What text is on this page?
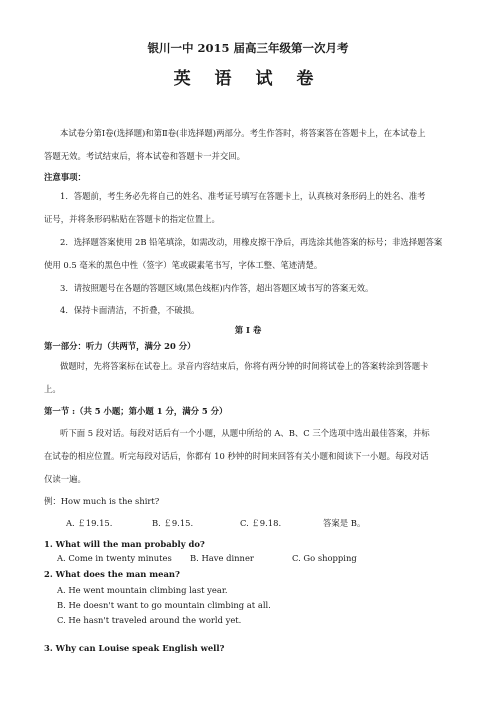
银川一中 2015 届高三年级第一次月考
英 语 试 卷
本试卷分第Ⅰ卷(选择题)和第Ⅱ卷(非选择题)两部分。考生作答时，将答案答在答题卡上，在本试卷上
答题无效。考试结束后，将本试卷和答题卡一并交回。
注意事项：
1．答题前，考生务必先将自己的姓名、准考证号填写在答题卡上，认真核对条形码上的姓名、准考
证号，并将条形码粘贴在答题卡的指定位置上。
2．选择题答案使用 2B 铅笔填涂，如需改动，用橡皮擦干净后，再选涂其他答案的标号；非选择题答案
使用 0.5 毫米的黑色中性（签字）笔或碳素笔书写，字体工整、笔迹清楚。
3．请按照题号在各题的答题区域(黑色线框)内作答，超出答题区域书写的答案无效。
4．保持卡面清洁，不折叠，不破损。
第 I 卷
第一部分：听力（共两节，满分 20 分）
做题时，先将答案标在试卷上。录音内容结束后，你将有两分钟的时间将试卷上的答案转涂到答题卡
上。
第一节 :（共 5 小题；第小题 1 分，满分 5 分）
听下面 5 段对话。每段对话后有一个小题，从题中所给的 A、B、C 三个选项中选出最佳答案，并标
在试卷的相应位置。听完每段对话后，你都有 10 秒钟的时间来回答有关小题和阅读下一小题。每段对话
仅读一遍。
例：How much is the shirt?
A. ￡19.15.	B. ￡9.15.	C. ￡9.18.	答案是 B。
1. What will the man probably do?
A. Come in twenty minutes B. Have dinner	C. Go shopping
2. What does the man mean?
A. He went mountain climbing last year.
B. He doesn't want to go mountain climbing at all.
C. He hasn't traveled around the world yet.
3. Why can Louise speak English well?
